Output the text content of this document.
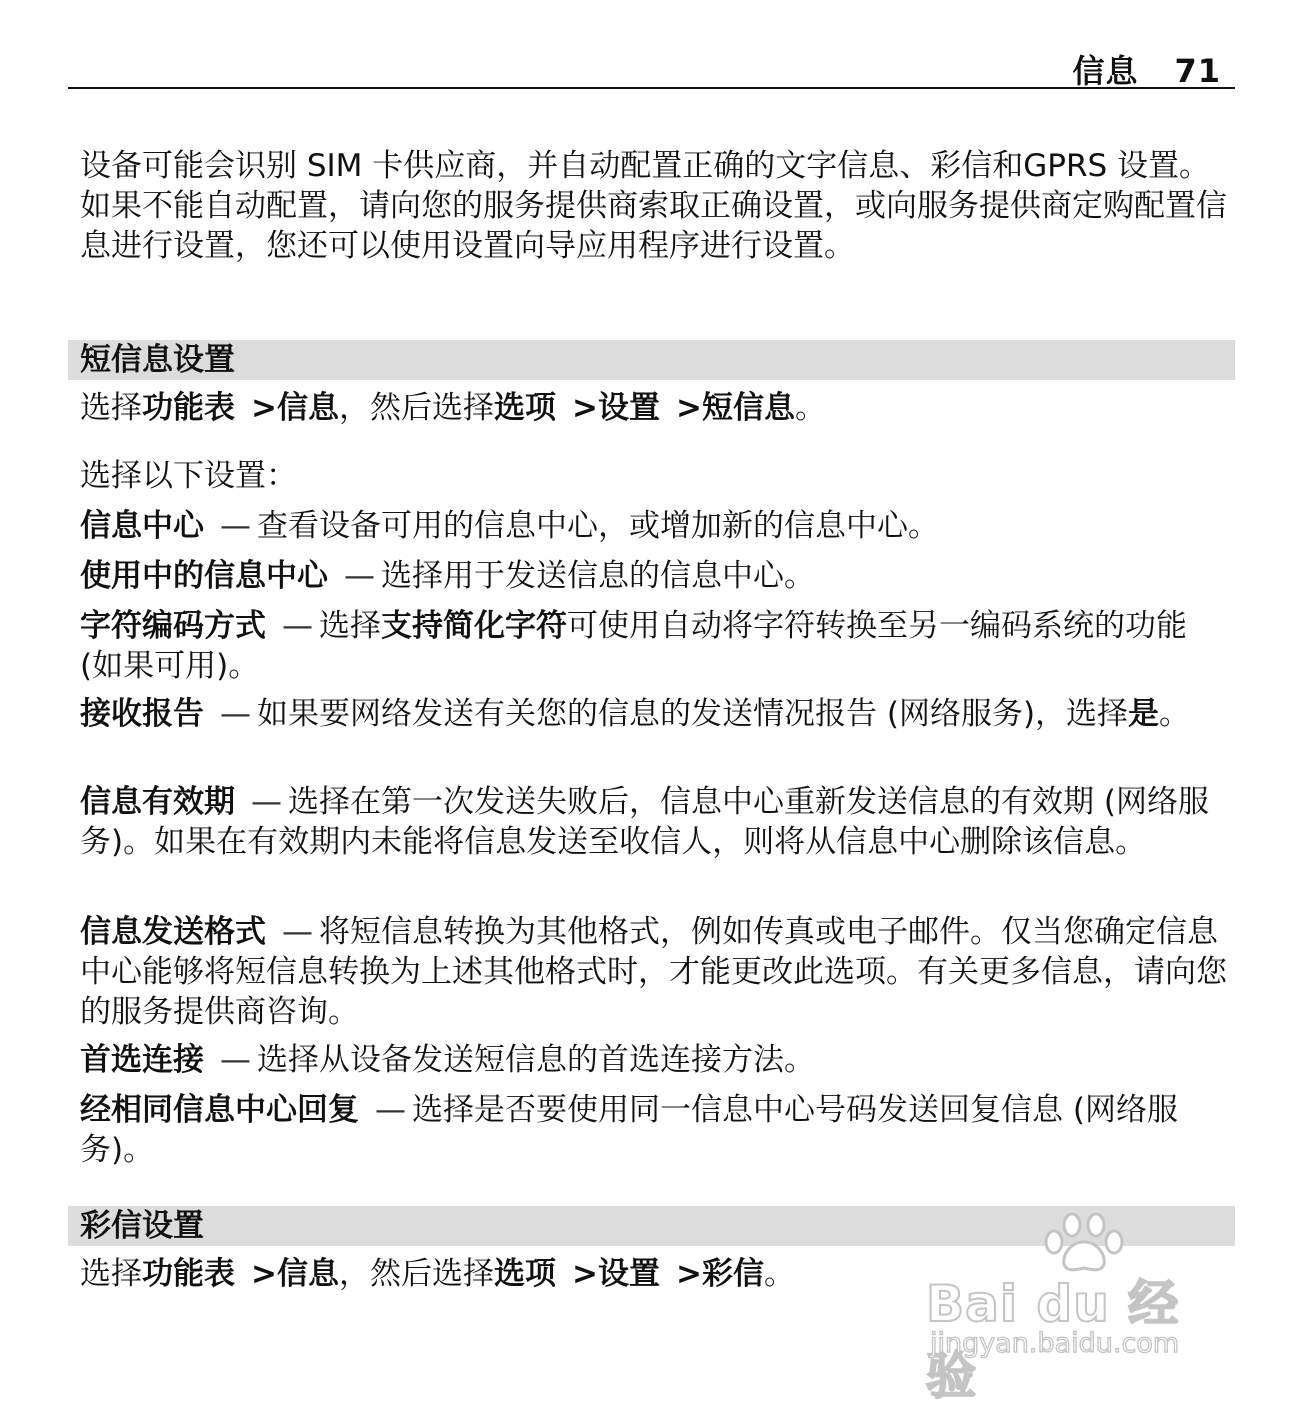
信息 71
设备可能会识别 SIM 卡供应商，并自动配置正确的文字信息、彩信和GPRS 设置。如果不能自动配置，请向您的服务提供商索取正确设置，或向服务提供商定购配置信息进行设置，您还可以使用设置向导应用程序进行设置。
短信息设置
选择功能表 >信息，然后选择选项 >设置 >短信息。
选择以下设置：
信息中心 — 查看设备可用的信息中心，或增加新的信息中心。
使用中的信息中心 — 选择用于发送信息的信息中心。
字符编码方式 — 选择支持简化字符可使用自动将字符转换至另一编码系统的功能 (如果可用)。
接收报告 — 如果要网络发送有关您的信息的发送情况报告 (网络服务)，选择是。
信息有效期 — 选择在第一次发送失败后，信息中心重新发送信息的有效期 (网络服务)。如果在有效期内未能将信息发送至收信人，则将从信息中心删除该信息。
信息发送格式 — 将短信息转换为其他格式，例如传真或电子邮件。仅当您确定信息中心能够将短信息转换为上述其他格式时，才能更改此选项。有关更多信息，请向您的服务提供商咨询。
首选连接 — 选择从设备发送短信息的首选连接方法。
经相同信息中心回复 — 选择是否要使用同一信息中心号码发送回复信息 (网络服务)。
彩信设置
选择功能表 >信息，然后选择选项 >设置 >彩信。
Bai du 经验
jingyan.baidu.com
